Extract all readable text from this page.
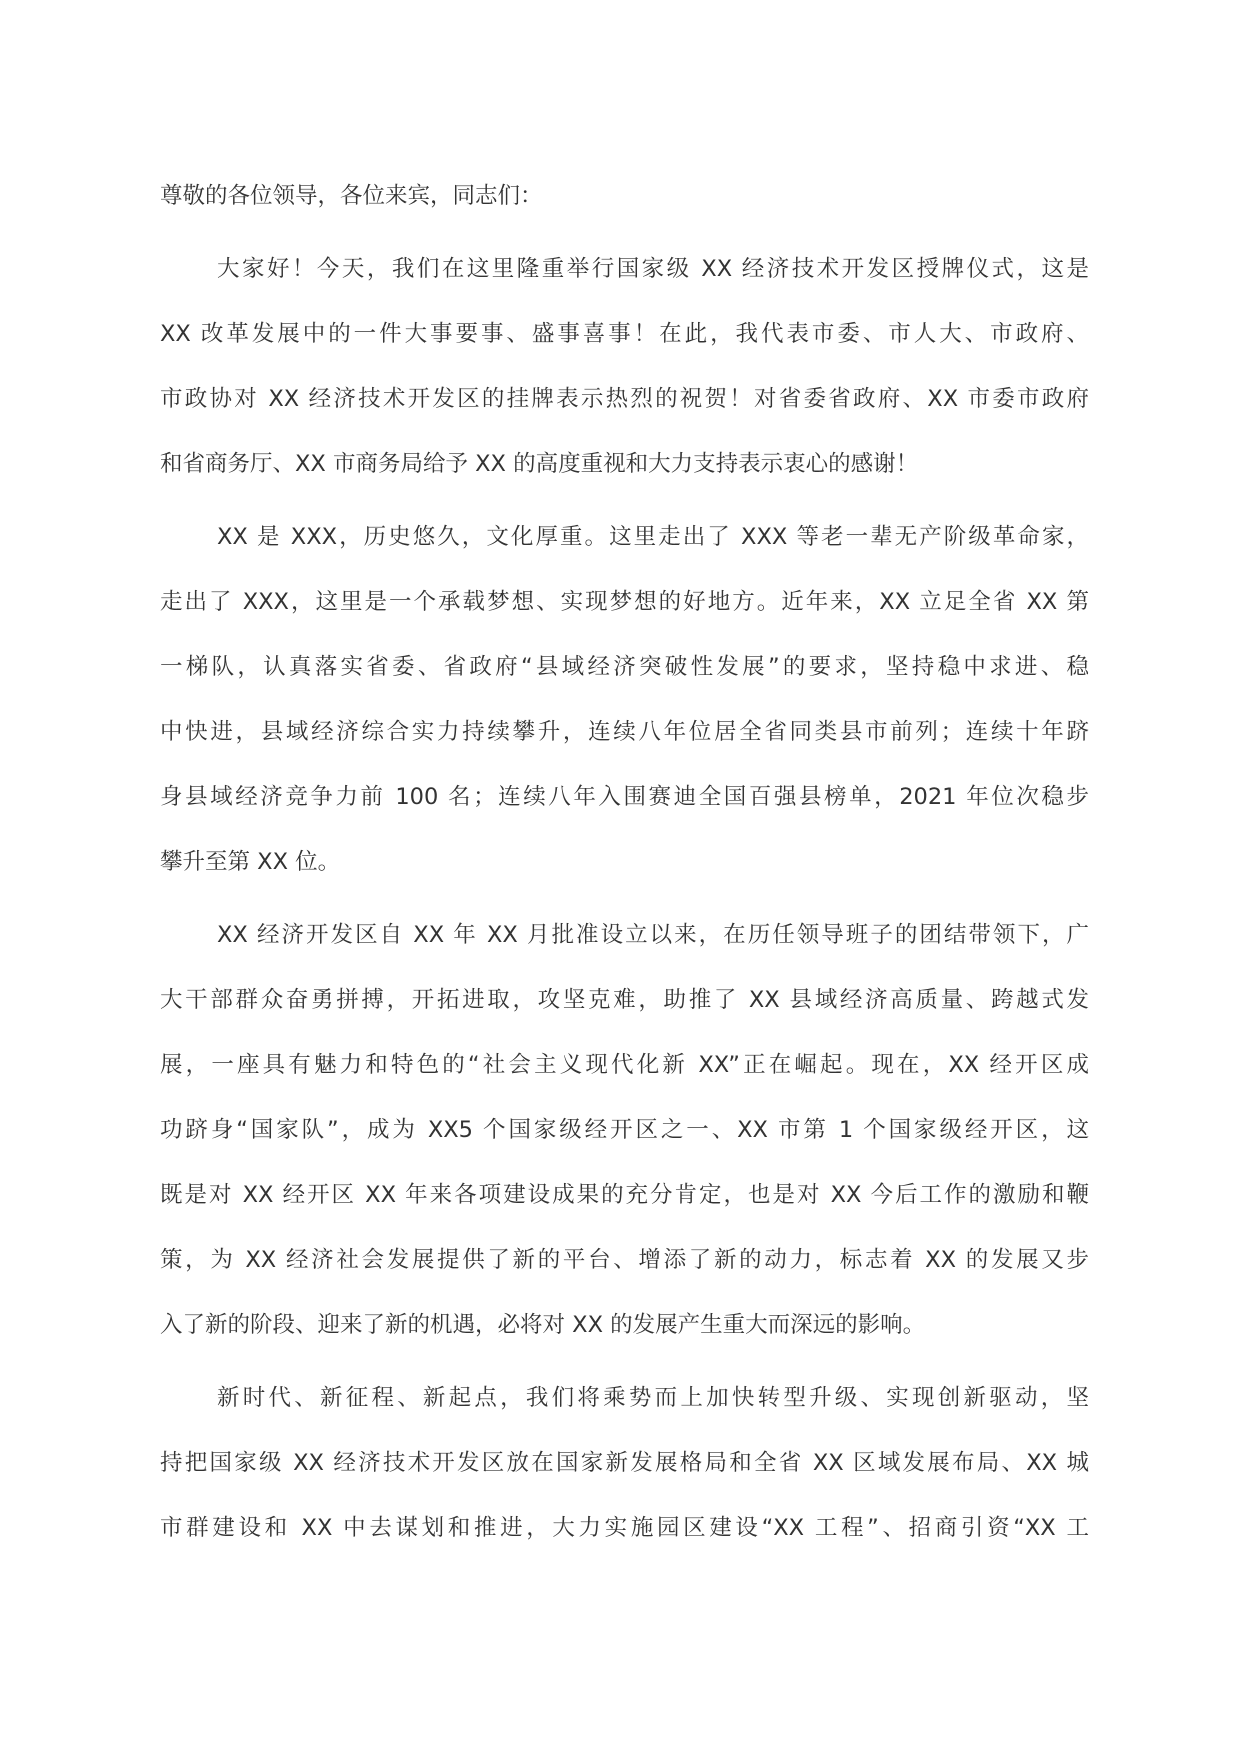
尊敬的各位领导，各位来宾，同志们：
大家好！今天，我们在这里隆重举行国家级 XX 经济技术开发区授牌仪式，这是
XX 改革发展中的一件大事要事、盛事喜事！在此，我代表市委、市人大、市政府、
市政协对 XX 经济技术开发区的挂牌表示热烈的祝贺！对省委省政府、XX 市委市政府
和省商务厅、XX 市商务局给予 XX 的高度重视和大力支持表示衷心的感谢！
XX 是 XXX，历史悠久，文化厚重。这里走出了 XXX 等老一辈无产阶级革命家，
走出了 XXX，这里是一个承载梦想、实现梦想的好地方。近年来，XX 立足全省 XX 第
一梯队，认真落实省委、省政府“县域经济突破性发展”的要求，坚持稳中求进、稳
中快进，县域经济综合实力持续攀升，连续八年位居全省同类县市前列；连续十年跻
身县域经济竞争力前 100 名；连续八年入围赛迪全国百强县榜单，2021 年位次稳步
攀升至第 XX 位。
XX 经济开发区自 XX 年 XX 月批准设立以来，在历任领导班子的团结带领下，广
大干部群众奋勇拼搏，开拓进取，攻坚克难，助推了 XX 县域经济高质量、跨越式发
展，一座具有魅力和特色的“社会主义现代化新 XX”正在崛起。现在，XX 经开区成
功跻身“国家队”，成为 XX5 个国家级经开区之一、XX 市第 1 个国家级经开区，这
既是对 XX 经开区 XX 年来各项建设成果的充分肯定，也是对 XX 今后工作的激励和鞭
策，为 XX 经济社会发展提供了新的平台、增添了新的动力，标志着 XX 的发展又步
入了新的阶段、迎来了新的机遇，必将对 XX 的发展产生重大而深远的影响。
新时代、新征程、新起点，我们将乘势而上加快转型升级、实现创新驱动，坚
持把国家级 XX 经济技术开发区放在国家新发展格局和全省 XX 区域发展布局、XX 城
市群建设和 XX 中去谋划和推进，大力实施园区建设“XX 工程”、招商引资“XX 工
